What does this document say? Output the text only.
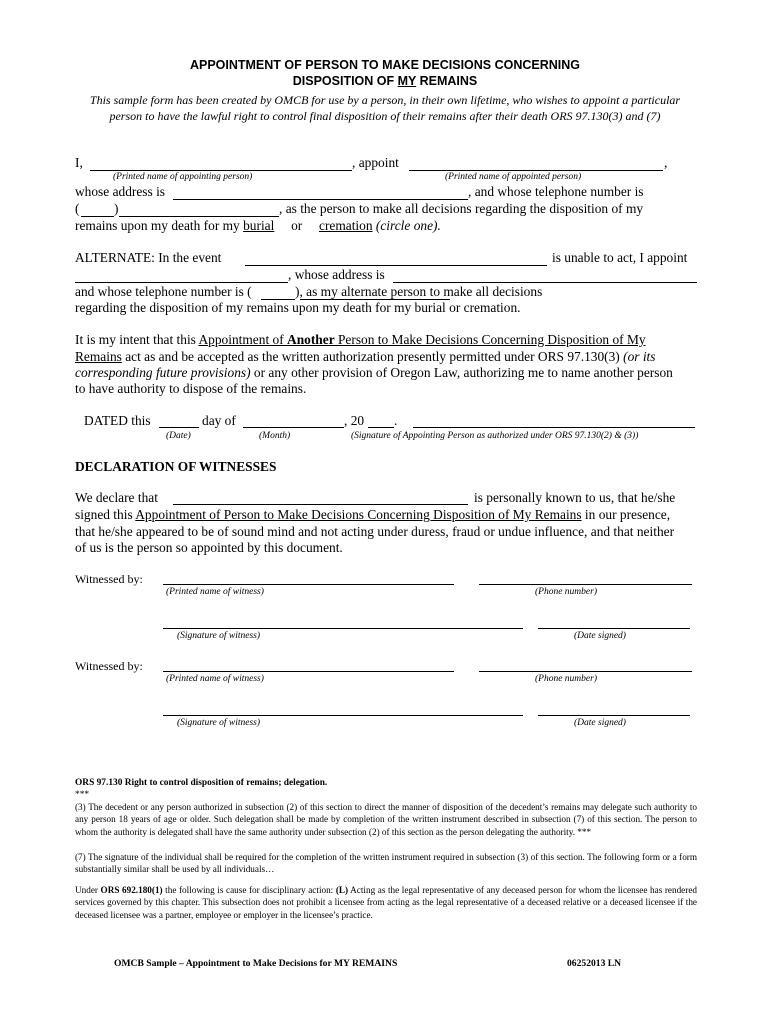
APPOINTMENT OF PERSON TO MAKE DECISIONS CONCERNING
DISPOSITION OF MY REMAINS
This sample form has been created by OMCB for use by a person, in their own lifetime, who wishes to appoint a particular
person to have the lawful right to control final disposition of their remains after their death ORS 97.130(3) and (7)
I,	, appoint	,
(Printed name of appointing person)	(Printed name of appointed person)
whose address is	, and whose telephone number is
(	)	, as the person to make all decisions regarding the disposition of my
remains upon my death for my burial or cremation (circle one).
ALTERNATE: In the event	is unable to act, I appoint
, whose address is
and whose telephone number is (	), as my alternate person to make all decisions
regarding the disposition of my remains upon my death for my burial or cremation.
It is my intent that this Appointment of Another Person to Make Decisions Concerning Disposition of My
Remains act as and be accepted as the written authorization presently permitted under ORS 97.130(3) (or its
corresponding future provisions) or any other provision of Oregon Law, authorizing me to name another person
to have authority to dispose of the remains.
DATED this	day of	, 20 .
(Date)	(Month)	(Signature of Appointing Person as authorized under ORS 97.130(2) & (3))
DECLARATION OF WITNESSES
We declare that	is personally known to us, that he/she
signed this Appointment of Person to Make Decisions Concerning Disposition of My Remains in our presence,
that he/she appeared to be of sound mind and not acting under duress, fraud or undue influence, and that neither
of us is the person so appointed by this document.
Witnessed by:
(Printed name of witness)	(Phone number)
(Signature of witness)	(Date signed)
Witnessed by:
(Printed name of witness)	(Phone number)
(Signature of witness)	(Date signed)
ORS 97.130 Right to control disposition of remains; delegation.
***
(3) The decedent or any person authorized in subsection (2) of this section to direct the manner of disposition of the decedent’s remains may delegate such authority to any person 18 years of age or older. Such delegation shall be made by completion of the written instrument described in subsection (7) of this section. The person to whom the authority is delegated shall have the same authority under subsection (2) of this section as the person delegating the authority. ***
(7) The signature of the individual shall be required for the completion of the written instrument required in subsection (3) of this section. The following form or a form substantially similar shall be used by all individuals…
Under ORS 692.180(1) the following is cause for disciplinary action: (L) Acting as the legal representative of any deceased person for whom the licensee has rendered services governed by this chapter. This subsection does not prohibit a licensee from acting as the legal representative of a deceased relative or a deceased licensee if the deceased licensee was a partner, employee or employer in the licensee’s practice.
OMCB Sample – Appointment to Make Decisions for MY REMAINS	06252013 LN
